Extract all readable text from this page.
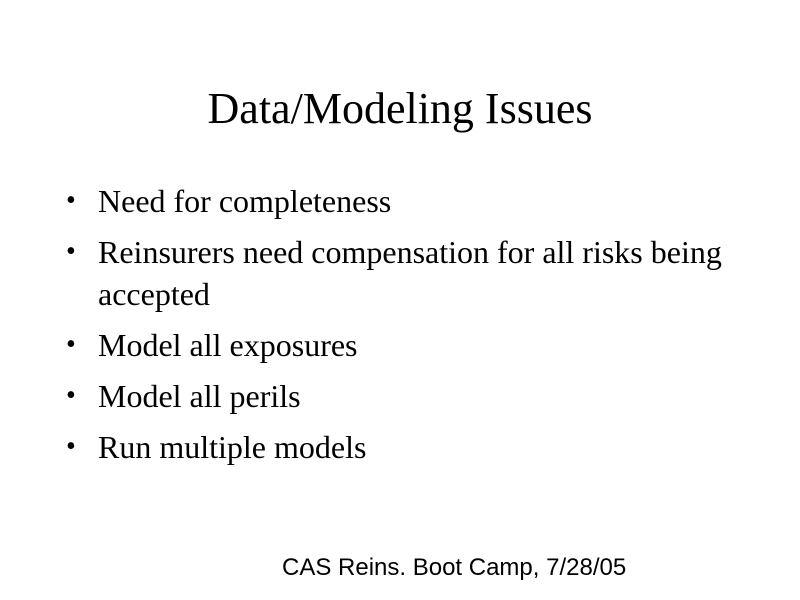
Data/Modeling Issues
• Need for completeness
• Reinsurers need compensation for all risks being accepted
• Model all exposures
• Model all perils
• Run multiple models
CAS Reins. Boot Camp, 7/28/05
